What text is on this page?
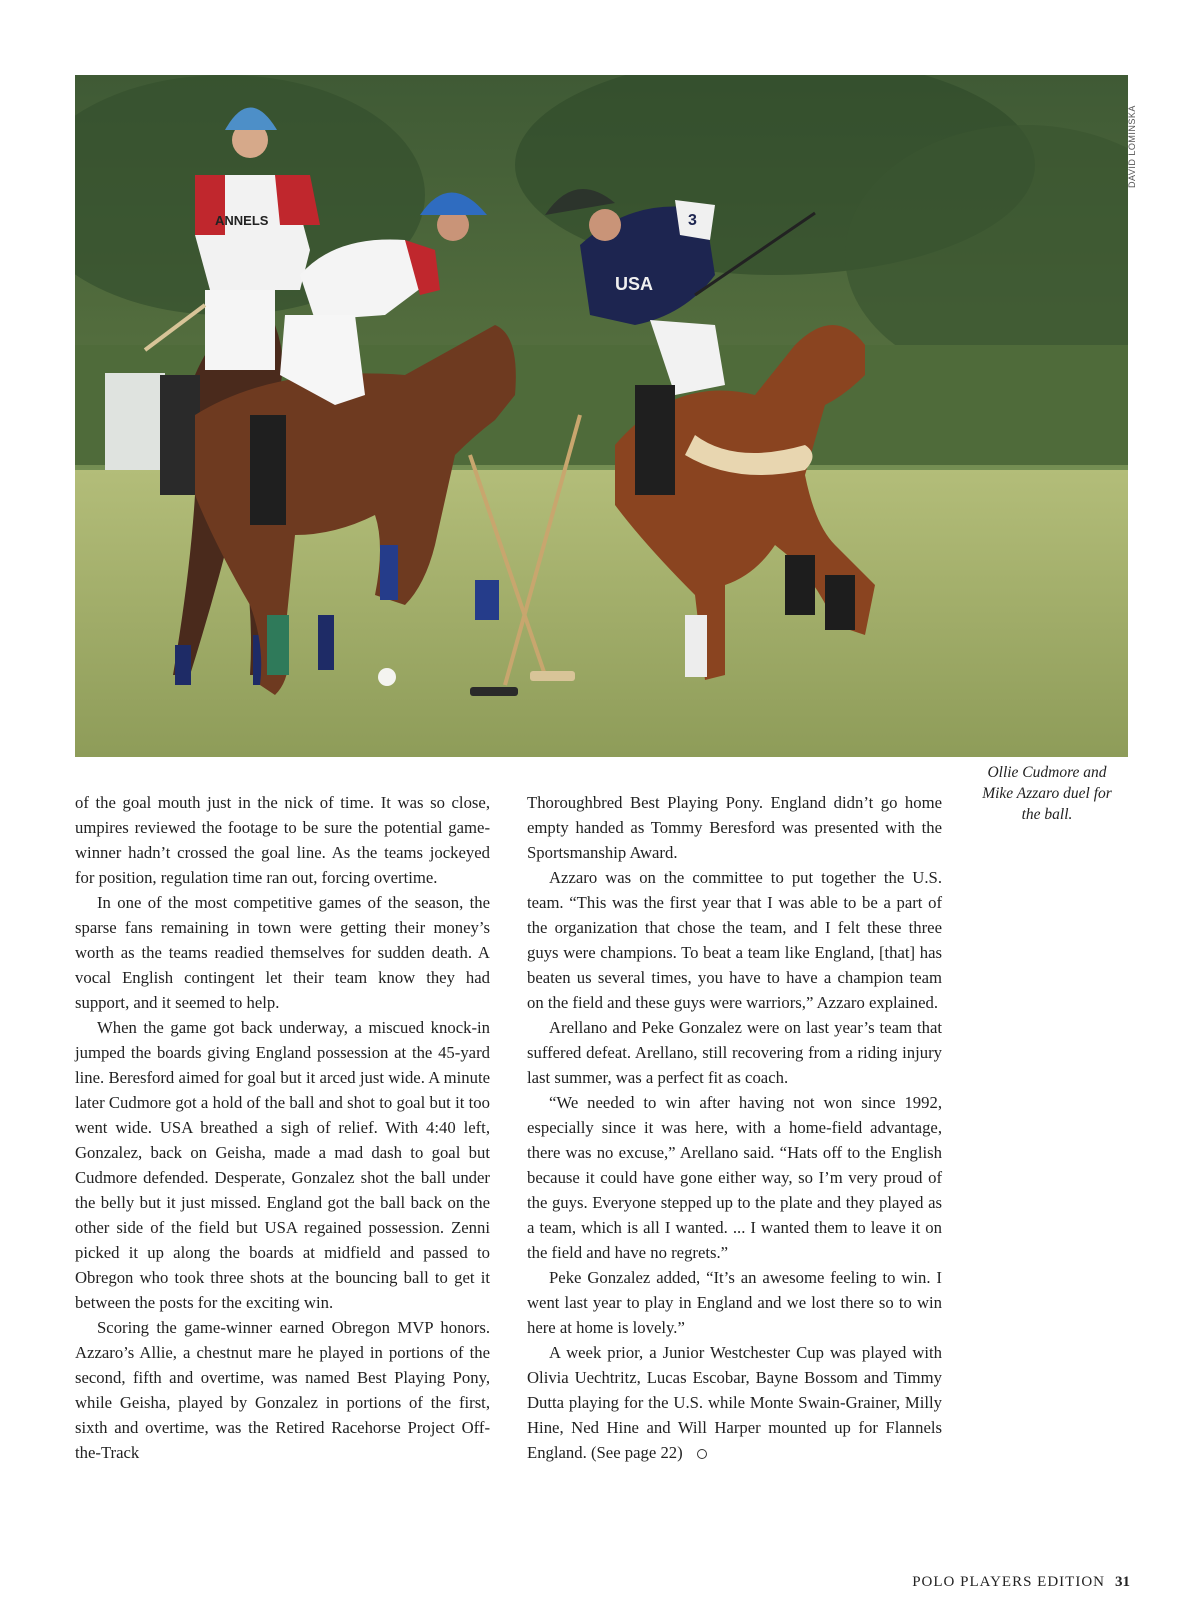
ANNELS	3
USA
DAVID LOMINSKA
Ollie Cudmore and Mike Azzaro duel for the ball.

of the goal mouth just in the nick of time. It was so close, umpires reviewed the footage to be sure the potential game-winner hadn’t crossed the goal line. As the teams jockeyed for position, regulation time ran out, forcing overtime.

In one of the most competitive games of the season, the sparse fans remaining in town were getting their money’s worth as the teams readied themselves for sudden death. A vocal English contingent let their team know they had support, and it seemed to help.

When the game got back underway, a miscued knock-in jumped the boards giving England possession at the 45-yard line. Beresford aimed for goal but it arced just wide. A minute later Cudmore got a hold of the ball and shot to goal but it too went wide. USA breathed a sigh of relief. With 4:40 left, Gonzalez, back on Geisha, made a mad dash to goal but Cudmore defended. Desperate, Gonzalez shot the ball under the belly but it just missed. England got the ball back on the other side of the field but USA regained possession. Zenni picked it up along the boards at midfield and passed to Obregon who took three shots at the bouncing ball to get it between the posts for the exciting win.

Scoring the game-winner earned Obregon MVP honors. Azzaro’s Allie, a chestnut mare he played in portions of the second, fifth and overtime, was named Best Playing Pony, while Geisha, played by Gonzalez in portions of the first, sixth and overtime, was the Retired Racehorse Project Off-the-Track

Thoroughbred Best Playing Pony. England didn’t go home empty handed as Tommy Beresford was presented with the Sportsmanship Award.

Azzaro was on the committee to put together the U.S. team. “This was the first year that I was able to be a part of the organization that chose the team, and I felt these three guys were champions. To beat a team like England, [that] has beaten us several times, you have to have a champion team on the field and these guys were warriors,” Azzaro explained.

Arellano and Peke Gonzalez were on last year’s team that suffered defeat. Arellano, still recovering from a riding injury last summer, was a perfect fit as coach.

“We needed to win after having not won since 1992, especially since it was here, with a home-field advantage, there was no excuse,” Arellano said. “Hats off to the English because it could have gone either way, so I’m very proud of the guys. Everyone stepped up to the plate and they played as a team, which is all I wanted. ... I wanted them to leave it on the field and have no regrets.”

Peke Gonzalez added, “It’s an awesome feeling to win. I went last year to play in England and we lost there so to win here at home is lovely.”

A week prior, a Junior Westchester Cup was played with Olivia Uechtritz, Lucas Escobar, Bayne Bossom and Timmy Dutta playing for the U.S. while Monte Swain-Grainer, Milly Hine, Ned Hine and Will Harper mounted up for Flannels England. (See page 22)

POLO PLAYERS EDITION 31
